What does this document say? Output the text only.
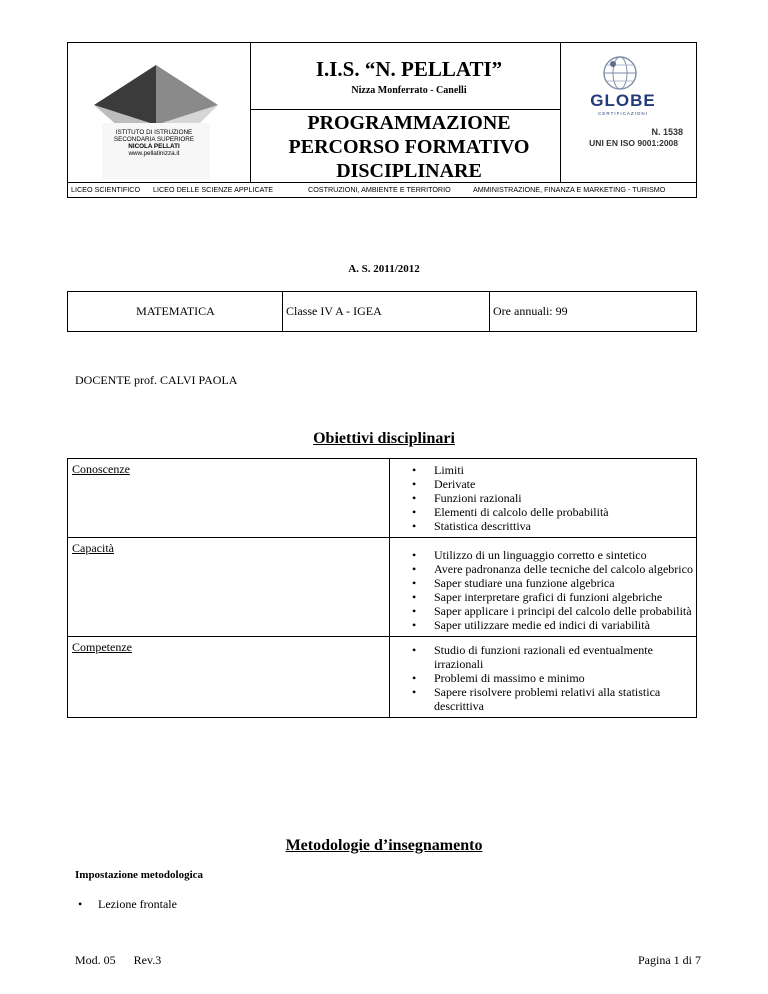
ISTITUTO DI ISTRUZIONE
SECONDARIA SUPERIORE
NICOLA PELLATI
www.pellatinizza.it
I.I.S. “N. PELLATI”
Nizza Monferrato - Canelli
PROGRAMMAZIONE
PERCORSO FORMATIVO
DISCIPLINARE
GLOBE
CERTIFICAZIONI
N. 1538
UNI EN ISO 9001:2008
LICEO SCIENTIFICO LICEO DELLE SCIENZE APPLICATE	COSTRUZIONI, AMBIENTE E TERRITORIO	AMMINISTRAZIONE, FINANZA E MARKETING - TURISMO
A. S. 2011/2012
MATEMATICA	Classe IV A - IGEA	Ore annuali: 99
DOCENTE prof. CALVI PAOLA
Obiettivi disciplinari
Conoscenze	• Limiti
• Derivate
• Funzioni razionali
• Elementi di calcolo delle probabilità
• Statistica descrittiva
Capacità	• Utilizzo di un linguaggio corretto e sintetico
• Avere padronanza delle tecniche del calcolo algebrico
• Saper studiare una funzione algebrica
• Saper interpretare grafici di funzioni algebriche
• Saper applicare i principi del calcolo delle probabilità
• Saper utilizzare medie ed indici di variabilità
Competenze	• Studio di funzioni razionali ed eventualmente irrazionali
• Problemi di massimo e minimo
• Sapere risolvere problemi relativi alla statistica descrittiva
Metodologie d’insegnamento
Impostazione metodologica
• Lezione frontale
Mod. 05 Rev.3	Pagina 1 di 7
